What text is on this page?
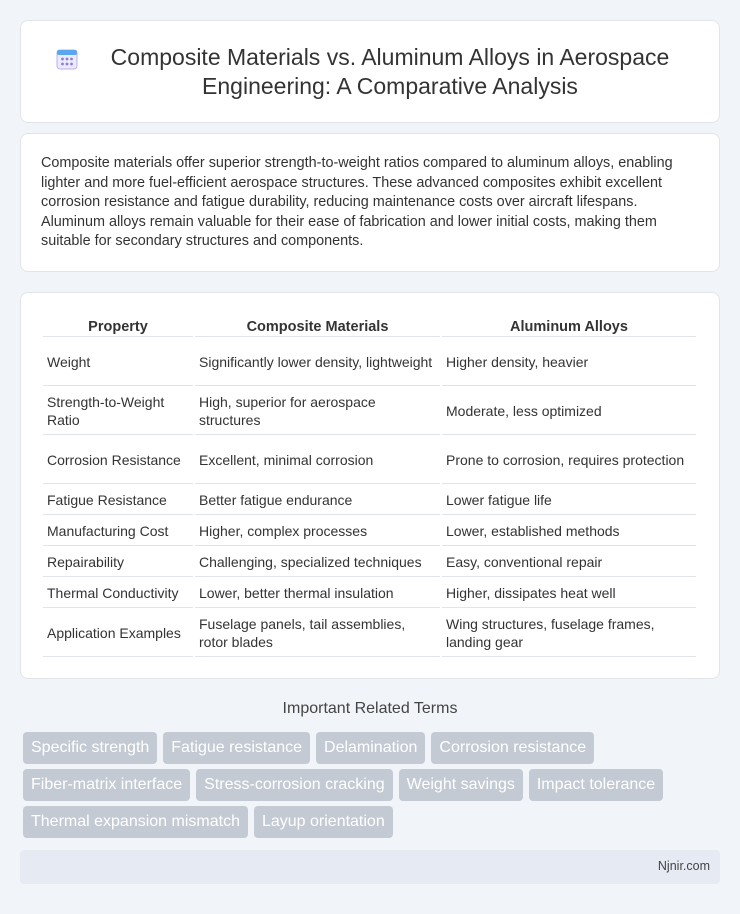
Composite Materials vs. Aluminum Alloys in Aerospace Engineering: A Comparative Analysis

Composite materials offer superior strength-to-weight ratios compared to aluminum alloys, enabling lighter and more fuel-efficient aerospace structures. These advanced composites exhibit excellent corrosion resistance and fatigue durability, reducing maintenance costs over aircraft lifespans. Aluminum alloys remain valuable for their ease of fabrication and lower initial costs, making them suitable for secondary structures and components.

Property	Composite Materials	Aluminum Alloys
Weight	Significantly lower density, lightweight	Higher density, heavier
Strength-to-Weight Ratio	High, superior for aerospace structures	Moderate, less optimized
Corrosion Resistance	Excellent, minimal corrosion	Prone to corrosion, requires protection
Fatigue Resistance	Better fatigue endurance	Lower fatigue life
Manufacturing Cost	Higher, complex processes	Lower, established methods
Repairability	Challenging, specialized techniques	Easy, conventional repair
Thermal Conductivity	Lower, better thermal insulation	Higher, dissipates heat well
Application Examples	Fuselage panels, tail assemblies, rotor blades	Wing structures, fuselage frames, landing gear
Important Related Terms
Specific strength	Fatigue resistance	Delamination	Corrosion resistance
Fiber-matrix interface	Stress-corrosion cracking	Weight savings	Impact tolerance
Thermal expansion mismatch	Layup orientation
Njnir.com
